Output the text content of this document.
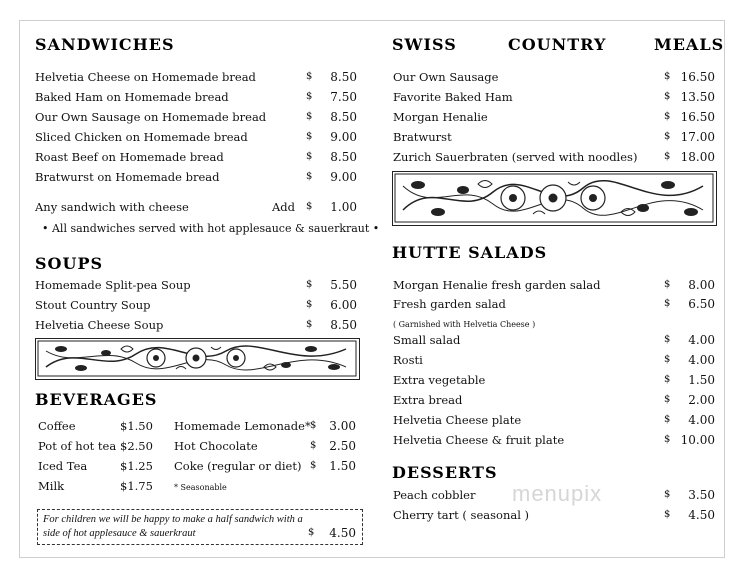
SANDWICHES
Helvetia Cheese on Homemade bread	$	8.50
Baked Ham on Homemade bread	$	7.50
Our Own Sausage on Homemade bread	$	8.50
Sliced Chicken on Homemade bread	$	9.00
Roast Beef on Homemade bread	$	8.50
Bratwurst on Homemade bread	$	9.00
Any sandwich with cheese	Add $	1.00
• All sandwiches served with hot applesauce & sauerkraut •
SOUPS
Homemade Split-pea Soup	$	5.50
Stout Country Soup	$	6.00
Helvetia Cheese Soup	$	8.50
BEVERAGES
Coffee	$1.50
Pot of hot tea $2.50
Iced Tea	$1.25
Milk	$1.75
Homemade Lemonade* $	3.00
Hot Chocolate	$	2.50
Coke (regular or diet) $	1.50
* Seasonable
For children we will be happy to make a half sandwich with a side of hot applesauce & sauerkraut	$	4.50
SWISS	COUNTRY	MEALS
Our Own Sausage	$ 16.50
Favorite Baked Ham	$ 13.50
Morgan Henalie	$ 16.50
Bratwurst	$ 17.00
Zurich Sauerbraten (served with noodles)	$ 18.00
HUTTE SALADS
Morgan Henalie fresh garden salad	$	8.00
Fresh garden salad	$	6.50
( Garnished with Helvetia Cheese )
Small salad	$	4.00
Rosti	$	4.00
Extra vegetable	$	1.50
Extra bread	$	2.00
Helvetia Cheese plate	$	4.00
Helvetia Cheese & fruit plate	$ 10.00
DESSERTS
Peach cobbler	$	3.50
Cherry tart ( seasonal )	$	4.50
menupix
